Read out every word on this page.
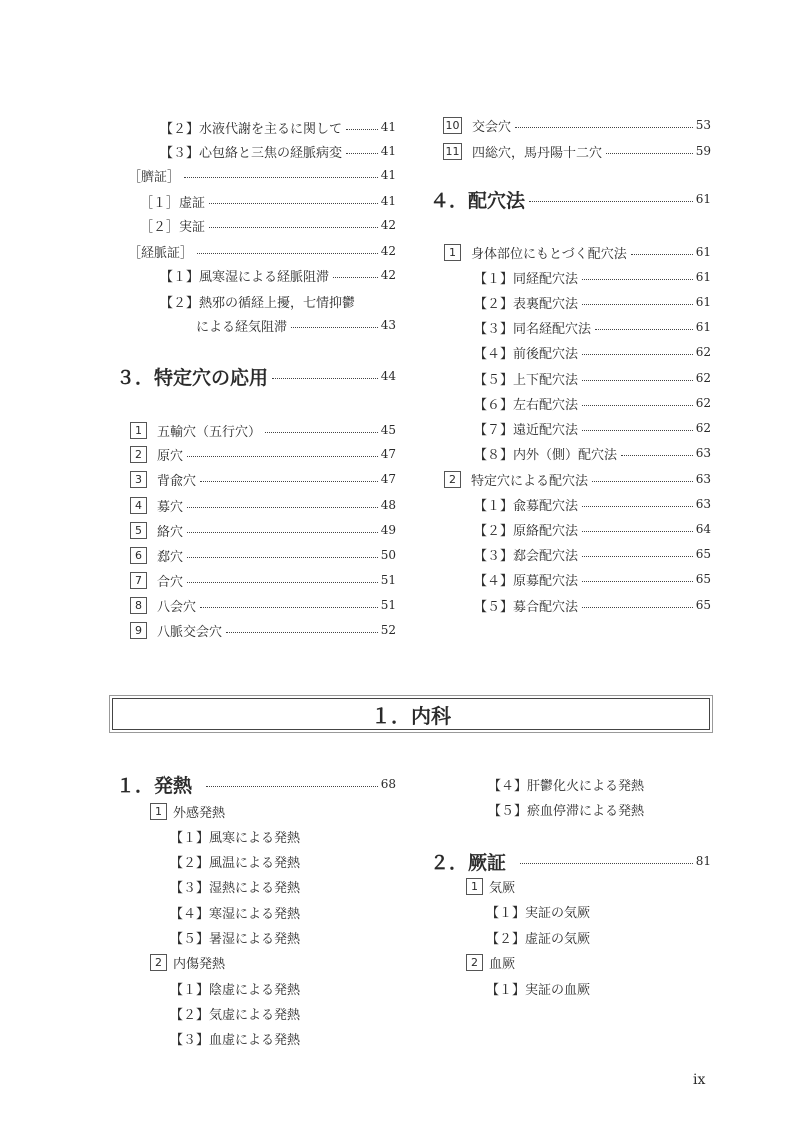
【２】水液代謝を主るに関して	41
【３】心包絡と三焦の経脈病変	41
［臍証］	41
［１］虚証	41
［２］実証	42
［経脈証］	42
【１】風寒湿による経脈阻滞	42
【２】熱邪の循経上擾，七情抑鬱
による経気阻滞	43
３．特定穴の応用	44
1	五輸穴（五行穴）	45
2	原穴	47
3	背兪穴	47
4	募穴	48
5	絡穴	49
6	郄穴	50
7	合穴	51
8	八会穴	51
9	八脈交会穴	52
10 交会穴	53
11 四総穴，馬丹陽十二穴	59
４．配穴法	61
1	身体部位にもとづく配穴法	61
【１】同経配穴法	61
【２】表裏配穴法	61
【３】同名経配穴法	61
【４】前後配穴法	62
【５】上下配穴法	62
【６】左右配穴法	62
【７】遠近配穴法	62
【８】内外（側）配穴法	63
2	特定穴による配穴法	63
【１】兪募配穴法	63
【２】原絡配穴法	64
【３】郄会配穴法	65
【４】原募配穴法	65
【５】募合配穴法	65
１．内科
１．発熱	68
1 外感発熱
【１】風寒による発熱
【２】風温による発熱
【３】湿熱による発熱
【４】寒湿による発熱
【５】暑湿による発熱
2 内傷発熱
【１】陰虚による発熱
【２】気虚による発熱
【３】血虚による発熱
【４】肝鬱化火による発熱
【５】瘀血停滞による発熱
２．厥証	81
1 気厥
【１】実証の気厥
【２】虚証の気厥
2 血厥
【１】実証の血厥
ix
